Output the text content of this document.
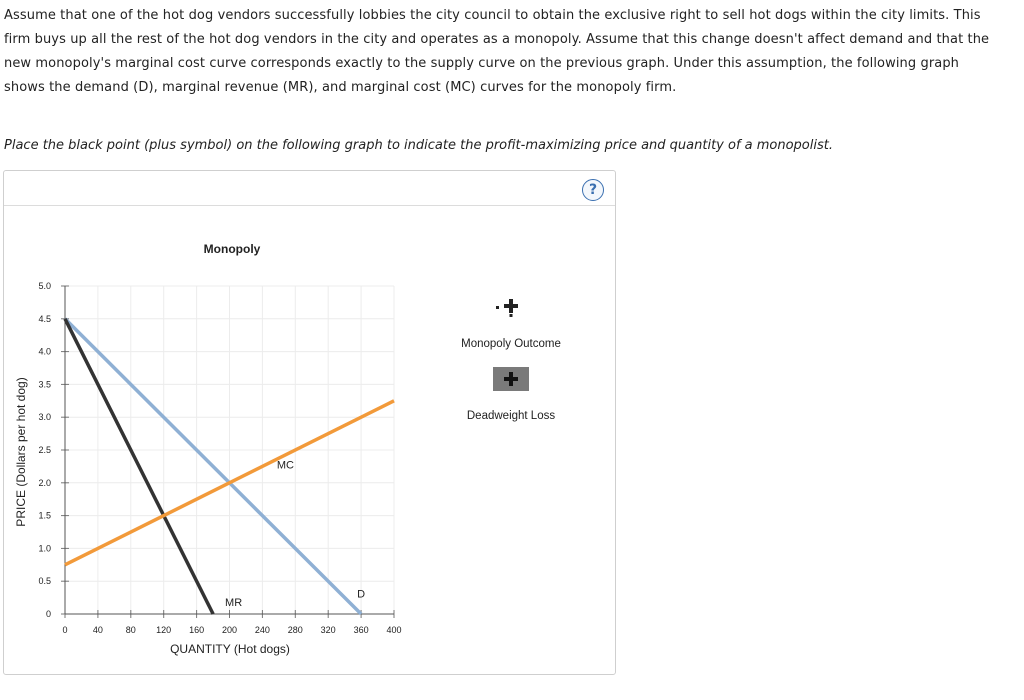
Assume that one of the hot dog vendors successfully lobbies the city council to obtain the exclusive right to sell hot dogs within the city limits. This firm buys up all the rest of the hot dog vendors in the city and operates as a monopoly. Assume that this change doesn't affect demand and that the new monopoly's marginal cost curve corresponds exactly to the supply curve on the previous graph. Under this assumption, the following graph shows the demand (D), marginal revenue (MR), and marginal cost (MC) curves for the monopoly firm.
Place the black point (plus symbol) on the following graph to indicate the profit-maximizing price and quantity of a monopolist.
?
0	40	80 120 160 200 240 280 320 360 400
0
0.5
1.0
1.5
2.0
2.5
3.0
3.5
4.0
4.5
5.0
D
MR
MC
Monopoly
QUANTITY (Hot dogs)
PRICE (Dollars per hot dog)
Monopoly Outcome
Deadweight Loss
